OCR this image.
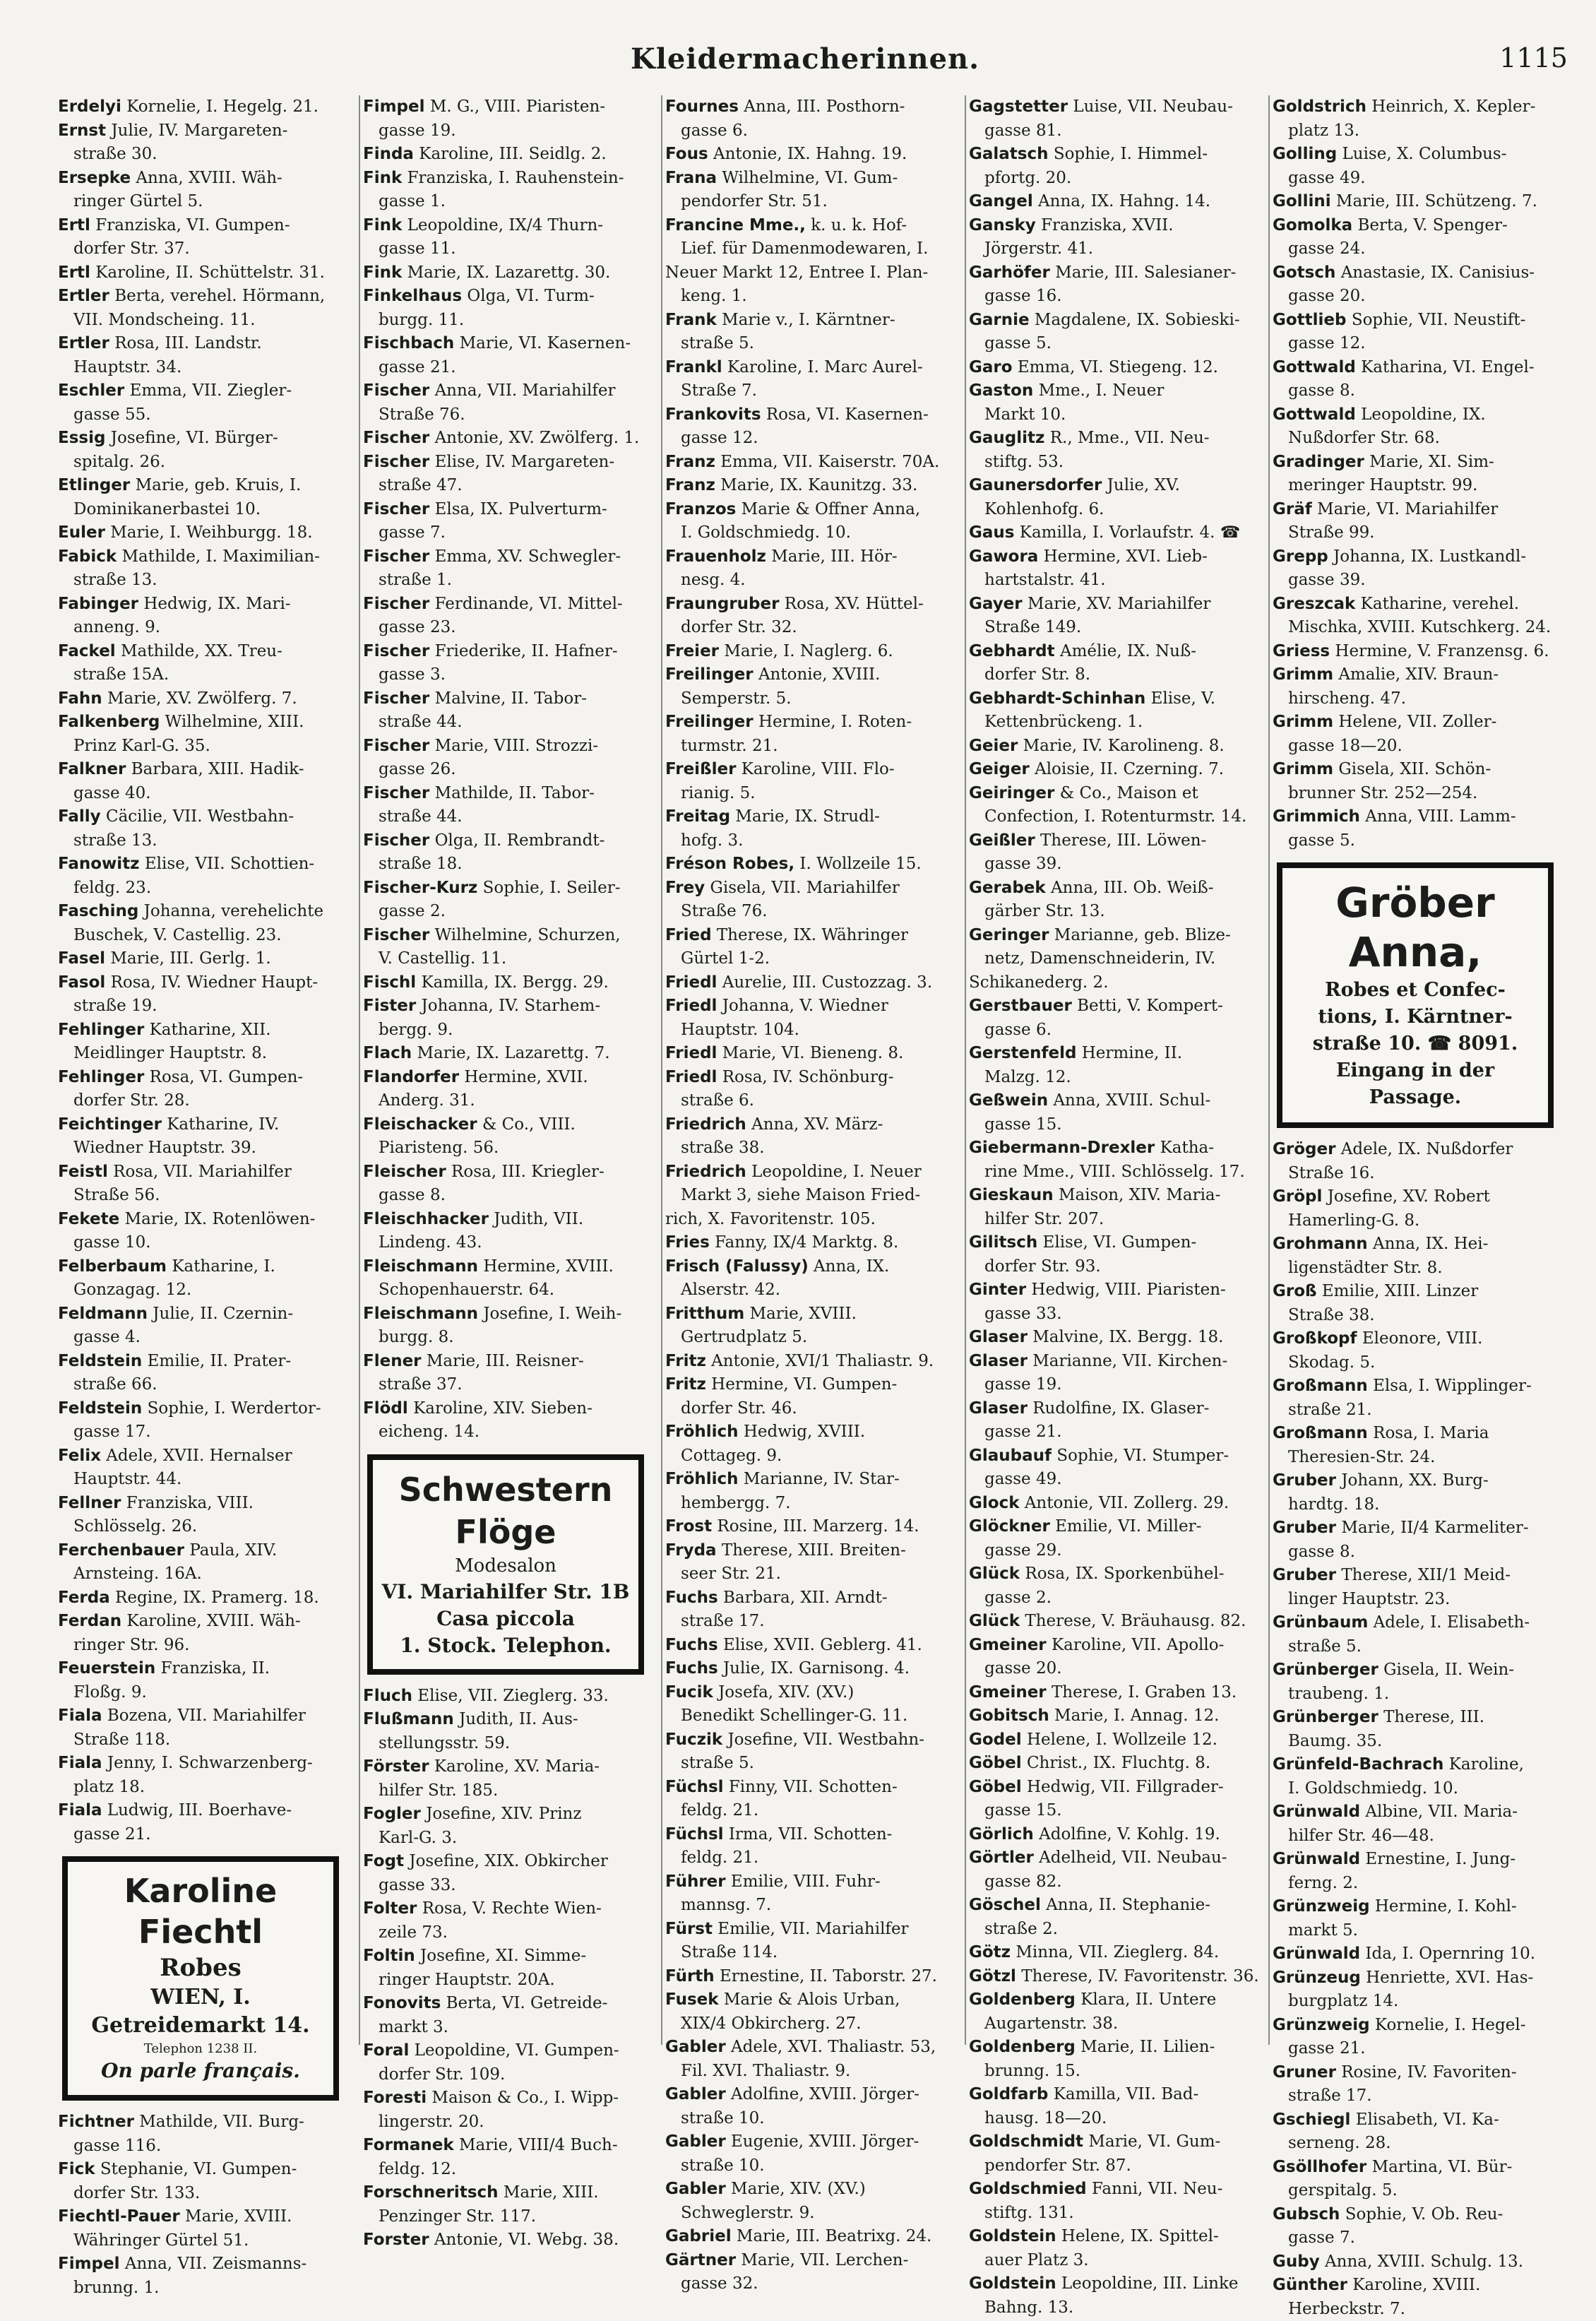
Kleidermacherinnen.	1115
Erdelyi Kornelie, I. Hegelg. 21.
Ernst Julie, IV. Margareten-
straße 30.
Ersepke Anna, XVIII. Wäh-
ringer Gürtel 5.
Ertl Franziska, VI. Gumpen-
dorfer Str. 37.
Ertl Karoline, II. Schüttelstr. 31.
Ertler Berta, verehel. Hörmann,
VII. Mondscheing. 11.
Ertler Rosa, III. Landstr.
Hauptstr. 34.
Eschler Emma, VII. Ziegler-
gasse 55.
Essig Josefine, VI. Bürger-
spitalg. 26.
Etlinger Marie, geb. Kruis, I.
Dominikanerbastei 10.
Euler Marie, I. Weihburgg. 18.
Fabick Mathilde, I. Maximilian-
straße 13.
Fabinger Hedwig, IX. Mari-
anneng. 9.
Fackel Mathilde, XX. Treu-
straße 15A.
Fahn Marie, XV. Zwölferg. 7.
Falkenberg Wilhelmine, XIII.
Prinz Karl-G. 35.
Falkner Barbara, XIII. Hadik-
gasse 40.
Fally Cäcilie, VII. Westbahn-
straße 13.
Fanowitz Elise, VII. Schottien-
feldg. 23.
Fasching Johanna, verehelichte
Buschek, V. Castellig. 23.
Fasel Marie, III. Gerlg. 1.
Fasol Rosa, IV. Wiedner Haupt-
straße 19.
Fehlinger Katharine, XII.
Meidlinger Hauptstr. 8.
Fehlinger Rosa, VI. Gumpen-
dorfer Str. 28.
Feichtinger Katharine, IV.
Wiedner Hauptstr. 39.
Feistl Rosa, VII. Mariahilfer
Straße 56.
Fekete Marie, IX. Rotenlöwen-
gasse 10.
Felberbaum Katharine, I.
Gonzagag. 12.
Feldmann Julie, II. Czernin-
gasse 4.
Feldstein Emilie, II. Prater-
straße 66.
Feldstein Sophie, I. Werdertor-
gasse 17.
Felix Adele, XVII. Hernalser
Hauptstr. 44.
Fellner Franziska, VIII.
Schlösselg. 26.
Ferchenbauer Paula, XIV.
Arnsteing. 16A.
Ferda Regine, IX. Pramerg. 18.
Ferdan Karoline, XVIII. Wäh-
ringer Str. 96.
Feuerstein Franziska, II.
Floßg. 9.
Fiala Bozena, VII. Mariahilfer
Straße 118.
Fiala Jenny, I. Schwarzenberg-
platz 18.
Fiala Ludwig, III. Boerhave-
gasse 21.
Karoline Fiechtl
Robes
WIEN, I. Getreidemarkt 14.
Telephon 1238 II.
On parle français.
Fichtner Mathilde, VII. Burg-
gasse 116.
Fick Stephanie, VI. Gumpen-
dorfer Str. 133.
Fiechtl-Pauer Marie, XVIII.
Währinger Gürtel 51.
Fimpel Anna, VII. Zeismanns-
brunng. 1.
Fimpel M. G., VIII. Piaristen-
gasse 19.
Finda Karoline, III. Seidlg. 2.
Fink Franziska, I. Rauhenstein-
gasse 1.
Fink Leopoldine, IX/4 Thurn-
gasse 11.
Fink Marie, IX. Lazarettg. 30.
Finkelhaus Olga, VI. Turm-
burgg. 11.
Fischbach Marie, VI. Kasernen-
gasse 21.
Fischer Anna, VII. Mariahilfer
Straße 76.
Fischer Antonie, XV. Zwölferg. 1.
Fischer Elise, IV. Margareten-
straße 47.
Fischer Elsa, IX. Pulverturm-
gasse 7.
Fischer Emma, XV. Schwegler-
straße 1.
Fischer Ferdinande, VI. Mittel-
gasse 23.
Fischer Friederike, II. Hafner-
gasse 3.
Fischer Malvine, II. Tabor-
straße 44.
Fischer Marie, VIII. Strozzi-
gasse 26.
Fischer Mathilde, II. Tabor-
straße 44.
Fischer Olga, II. Rembrandt-
straße 18.
Fischer-Kurz Sophie, I. Seiler-
gasse 2.
Fischer Wilhelmine, Schurzen,
V. Castellig. 11.
Fischl Kamilla, IX. Bergg. 29.
Fister Johanna, IV. Starhem-
bergg. 9.
Flach Marie, IX. Lazarettg. 7.
Flandorfer Hermine, XVII.
Anderg. 31.
Fleischacker & Co., VIII.
Piaristeng. 56.
Fleischer Rosa, III. Kriegler-
gasse 8.
Fleischhacker Judith, VII.
Lindeng. 43.
Fleischmann Hermine, XVIII.
Schopenhauerstr. 64.
Fleischmann Josefine, I. Weih-
burgg. 8.
Flener Marie, III. Reisner-
straße 37.
Flödl Karoline, XIV. Sieben-
eicheng. 14.
Schwestern Flöge
Modesalon
VI. Mariahilfer Str. 1B
Casa piccola
1. Stock. Telephon.
Fluch Elise, VII. Zieglerg. 33.
Flußmann Judith, II. Aus-
stellungsstr. 59.
Förster Karoline, XV. Maria-
hilfer Str. 185.
Fogler Josefine, XIV. Prinz
Karl-G. 3.
Fogt Josefine, XIX. Obkircher
gasse 33.
Folter Rosa, V. Rechte Wien-
zeile 73.
Foltin Josefine, XI. Simme-
ringer Hauptstr. 20A.
Fonovits Berta, VI. Getreide-
markt 3.
Foral Leopoldine, VI. Gumpen-
dorfer Str. 109.
Foresti Maison & Co., I. Wipp-
lingerstr. 20.
Formanek Marie, VIII/4 Buch-
feldg. 12.
Forschneritsch Marie, XIII.
Penzinger Str. 117.
Forster Antonie, VI. Webg. 38.
Fournes Anna, III. Posthorn-
gasse 6.
Fous Antonie, IX. Hahng. 19.
Frana Wilhelmine, VI. Gum-
pendorfer Str. 51.
Francine Mme., k. u. k. Hof-
Lief. für Damenmodewaren, I.
Neuer Markt 12, Entree I. Plan-
keng. 1.
Frank Marie v., I. Kärntner-
straße 5.
Frankl Karoline, I. Marc Aurel-
Straße 7.
Frankovits Rosa, VI. Kasernen-
gasse 12.
Franz Emma, VII. Kaiserstr. 70A.
Franz Marie, IX. Kaunitzg. 33.
Franzos Marie & Offner Anna,
I. Goldschmiedg. 10.
Frauenholz Marie, III. Hör-
nesg. 4.
Fraungruber Rosa, XV. Hüttel-
dorfer Str. 32.
Freier Marie, I. Naglerg. 6.
Freilinger Antonie, XVIII.
Semperstr. 5.
Freilinger Hermine, I. Roten-
turmstr. 21.
Freißler Karoline, VIII. Flo-
rianig. 5.
Freitag Marie, IX. Strudl-
hofg. 3.
Fréson Robes, I. Wollzeile 15.
Frey Gisela, VII. Mariahilfer
Straße 76.
Fried Therese, IX. Währinger
Gürtel 1-2.
Friedl Aurelie, III. Custozzag. 3.
Friedl Johanna, V. Wiedner
Hauptstr. 104.
Friedl Marie, VI. Bieneng. 8.
Friedl Rosa, IV. Schönburg-
straße 6.
Friedrich Anna, XV. März-
straße 38.
Friedrich Leopoldine, I. Neuer
Markt 3, siehe Maison Fried-
rich, X. Favoritenstr. 105.
Fries Fanny, IX/4 Marktg. 8.
Frisch (Falussy) Anna, IX.
Alserstr. 42.
Fritthum Marie, XVIII.
Gertrudplatz 5.
Fritz Antonie, XVI/1 Thaliastr. 9.
Fritz Hermine, VI. Gumpen-
dorfer Str. 46.
Fröhlich Hedwig, XVIII.
Cottageg. 9.
Fröhlich Marianne, IV. Star-
hembergg. 7.
Frost Rosine, III. Marzerg. 14.
Fryda Therese, XIII. Breiten-
seer Str. 21.
Fuchs Barbara, XII. Arndt-
straße 17.
Fuchs Elise, XVII. Geblerg. 41.
Fuchs Julie, IX. Garnisong. 4.
Fucik Josefa, XIV. (XV.)
Benedikt Schellinger-G. 11.
Fuczik Josefine, VII. Westbahn-
straße 5.
Füchsl Finny, VII. Schotten-
feldg. 21.
Füchsl Irma, VII. Schotten-
feldg. 21.
Führer Emilie, VIII. Fuhr-
mannsg. 7.
Fürst Emilie, VII. Mariahilfer
Straße 114.
Fürth Ernestine, II. Taborstr. 27.
Fusek Marie & Alois Urban,
XIX/4 Obkircherg. 27.
Gabler Adele, XVI. Thaliastr. 53,
Fil. XVI. Thaliastr. 9.
Gabler Adolfine, XVIII. Jörger-
straße 10.
Gabler Eugenie, XVIII. Jörger-
straße 10.
Gabler Marie, XIV. (XV.)
Schweglerstr. 9.
Gabriel Marie, III. Beatrixg. 24.
Gärtner Marie, VII. Lerchen-
gasse 32.
Gagstetter Luise, VII. Neubau-
gasse 81.
Galatsch Sophie, I. Himmel-
pfortg. 20.
Gangel Anna, IX. Hahng. 14.
Gansky Franziska, XVII.
Jörgerstr. 41.
Garhöfer Marie, III. Salesianer-
gasse 16.
Garnie Magdalene, IX. Sobieski-
gasse 5.
Garo Emma, VI. Stiegeng. 12.
Gaston Mme., I. Neuer
Markt 10.
Gauglitz R., Mme., VII. Neu-
stiftg. 53.
Gaunersdorfer Julie, XV.
Kohlenhofg. 6.
Gaus Kamilla, I. Vorlaufstr. 4. ☎
Gawora Hermine, XVI. Lieb-
hartstalstr. 41.
Gayer Marie, XV. Mariahilfer
Straße 149.
Gebhardt Amélie, IX. Nuß-
dorfer Str. 8.
Gebhardt-Schinhan Elise, V.
Kettenbrückeng. 1.
Geier Marie, IV. Karolineng. 8.
Geiger Aloisie, II. Czerning. 7.
Geiringer & Co., Maison et
Confection, I. Rotenturmstr. 14.
Geißler Therese, III. Löwen-
gasse 39.
Gerabek Anna, III. Ob. Weiß-
gärber Str. 13.
Geringer Marianne, geb. Blize-
netz, Damenschneiderin, IV.
Schikanederg. 2.
Gerstbauer Betti, V. Kompert-
gasse 6.
Gerstenfeld Hermine, II.
Malzg. 12.
Geßwein Anna, XVIII. Schul-
gasse 15.
Giebermann-Drexler Katha-
rine Mme., VIII. Schlösselg. 17.
Gieskaun Maison, XIV. Maria-
hilfer Str. 207.
Gilitsch Elise, VI. Gumpen-
dorfer Str. 93.
Ginter Hedwig, VIII. Piaristen-
gasse 33.
Glaser Malvine, IX. Bergg. 18.
Glaser Marianne, VII. Kirchen-
gasse 19.
Glaser Rudolfine, IX. Glaser-
gasse 21.
Glaubauf Sophie, VI. Stumper-
gasse 49.
Glock Antonie, VII. Zollerg. 29.
Glöckner Emilie, VI. Miller-
gasse 29.
Glück Rosa, IX. Sporkenbühel-
gasse 2.
Glück Therese, V. Bräuhausg. 82.
Gmeiner Karoline, VII. Apollo-
gasse 20.
Gmeiner Therese, I. Graben 13.
Gobitsch Marie, I. Annag. 12.
Godel Helene, I. Wollzeile 12.
Göbel Christ., IX. Fluchtg. 8.
Göbel Hedwig, VII. Fillgrader-
gasse 15.
Görlich Adolfine, V. Kohlg. 19.
Görtler Adelheid, VII. Neubau-
gasse 82.
Göschel Anna, II. Stephanie-
straße 2.
Götz Minna, VII. Zieglerg. 84.
Götzl Therese, IV. Favoritenstr. 36.
Goldenberg Klara, II. Untere
Augartenstr. 38.
Goldenberg Marie, II. Lilien-
brunng. 15.
Goldfarb Kamilla, VII. Bad-
hausg. 18—20.
Goldschmidt Marie, VI. Gum-
pendorfer Str. 87.
Goldschmied Fanni, VII. Neu-
stiftg. 131.
Goldstein Helene, IX. Spittel-
auer Platz 3.
Goldstein Leopoldine, III. Linke
Bahng. 13.
Goldstrich Heinrich, X. Kepler-
platz 13.
Golling Luise, X. Columbus-
gasse 49.
Gollini Marie, III. Schützeng. 7.
Gomolka Berta, V. Spenger-
gasse 24.
Gotsch Anastasie, IX. Canisius-
gasse 20.
Gottlieb Sophie, VII. Neustift-
gasse 12.
Gottwald Katharina, VI. Engel-
gasse 8.
Gottwald Leopoldine, IX.
Nußdorfer Str. 68.
Gradinger Marie, XI. Sim-
meringer Hauptstr. 99.
Gräf Marie, VI. Mariahilfer
Straße 99.
Grepp Johanna, IX. Lustkandl-
gasse 39.
Greszcak Katharine, verehel.
Mischka, XVIII. Kutschkerg. 24.
Griess Hermine, V. Franzensg. 6.
Grimm Amalie, XIV. Braun-
hirscheng. 47.
Grimm Helene, VII. Zoller-
gasse 18—20.
Grimm Gisela, XII. Schön-
brunner Str. 252—254.
Grimmich Anna, VIII. Lamm-
gasse 5.
Gröber Anna,
Robes et Confec-
tions, I. Kärntner-
straße 10. ☎ 8091.
Eingang in der Passage.
Gröger Adele, IX. Nußdorfer
Straße 16.
Gröpl Josefine, XV. Robert
Hamerling-G. 8.
Grohmann Anna, IX. Hei-
ligenstädter Str. 8.
Groß Emilie, XIII. Linzer
Straße 38.
Großkopf Eleonore, VIII.
Skodag. 5.
Großmann Elsa, I. Wipplinger-
straße 21.
Großmann Rosa, I. Maria
Theresien-Str. 24.
Gruber Johann, XX. Burg-
hardtg. 18.
Gruber Marie, II/4 Karmeliter-
gasse 8.
Gruber Therese, XII/1 Meid-
linger Hauptstr. 23.
Grünbaum Adele, I. Elisabeth-
straße 5.
Grünberger Gisela, II. Wein-
traubeng. 1.
Grünberger Therese, III.
Baumg. 35.
Grünfeld-Bachrach Karoline,
I. Goldschmiedg. 10.
Grünwald Albine, VII. Maria-
hilfer Str. 46—48.
Grünwald Ernestine, I. Jung-
ferng. 2.
Grünzweig Hermine, I. Kohl-
markt 5.
Grünwald Ida, I. Opernring 10.
Grünzeug Henriette, XVI. Has-
burgplatz 14.
Grünzweig Kornelie, I. Hegel-
gasse 21.
Gruner Rosine, IV. Favoriten-
straße 17.
Gschiegl Elisabeth, VI. Ka-
serneng. 28.
Gsöllhofer Martina, VI. Bür-
gerspitalg. 5.
Gubsch Sophie, V. Ob. Reu-
gasse 7.
Guby Anna, XVIII. Schulg. 13.
Günther Karoline, XVIII.
Herbeckstr. 7.
